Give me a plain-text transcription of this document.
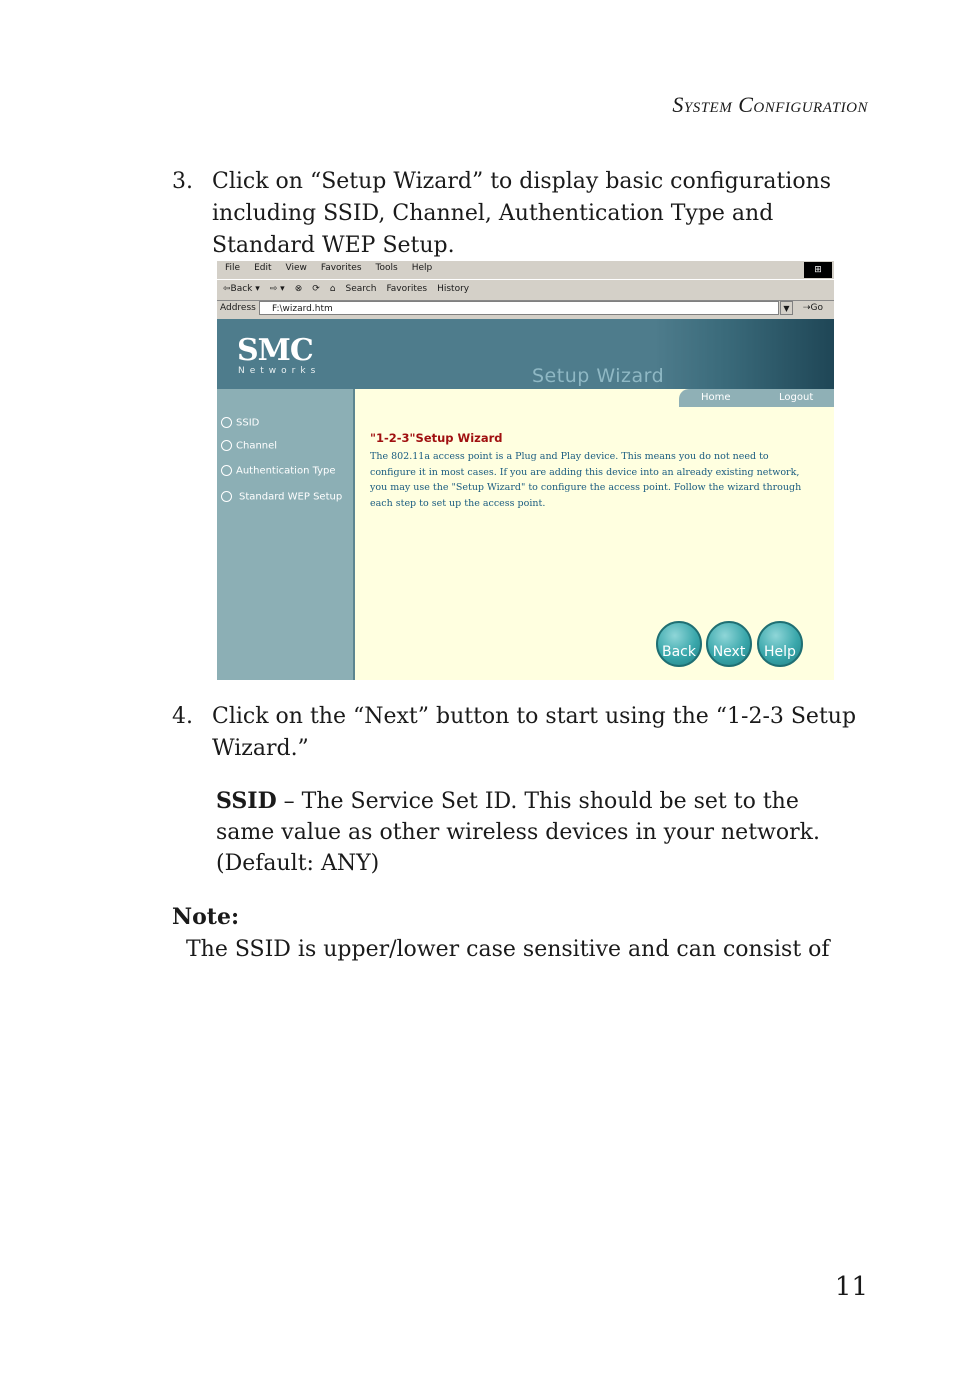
System Configuration
3. Click on “Setup Wizard” to display basic configurations including SSID, Channel, Authentication Type and Standard WEP Setup.
File Edit View Favorites Tools Help	⊞
⇦Back ▾ ⇨ ▾ ⊗ ⟳ ⌂ Search Favorites History
Address	F:\wizard.htm	▼	⇢Go
SMC
Networks	Setup Wizard
Home	Logout
SSID
Channel
Authentication Type
Standard WEP Setup
"1-2-3"Setup Wizard
The 802.11a access point is a Plug and Play device. This means you do not need to configure it in most cases. If you are adding this device into an already existing network, you may use the "Setup Wizard" to configure the access point. Follow the wizard through each step to set up the access point.
Back	Next	Help
4. Click on the “Next” button to start using the “1-2-3 Setup Wizard.”
SSID – The Service Set ID. This should be set to the same value as other wireless devices in your network. (Default: ANY)
Note:  The SSID is upper/lower case sensitive and can consist of
11
